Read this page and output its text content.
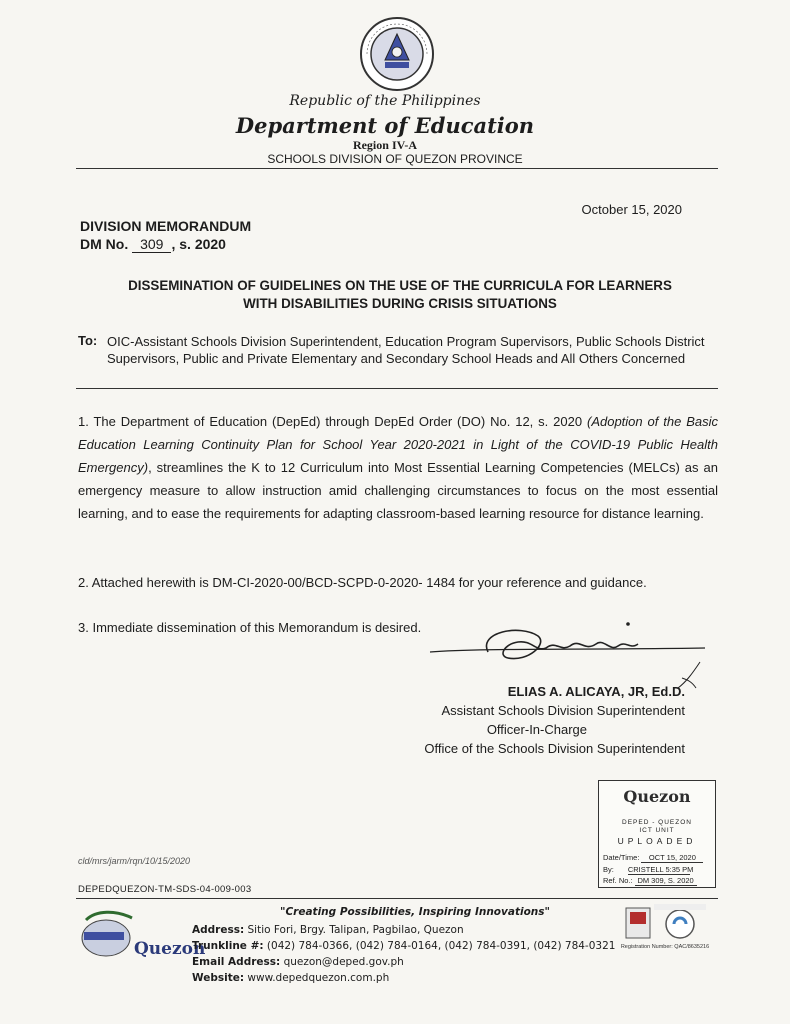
Republic of the Philippines
Department of Education
Region IV-A
SCHOOLS DIVISION OF QUEZON PROVINCE
October 15, 2020
DIVISION MEMORANDUM
DM No. 309 , s. 2020
DISSEMINATION OF GUIDELINES ON THE USE OF THE CURRICULA FOR LEARNERS
WITH DISABILITIES DURING CRISIS SITUATIONS
To: OIC-Assistant Schools Division Superintendent, Education Program Supervisors, Public Schools District Supervisors, Public and Private Elementary and Secondary School Heads and All Others Concerned
1. The Department of Education (DepEd) through DepEd Order (DO) No. 12, s. 2020 (Adoption of the Basic Education Learning Continuity Plan for School Year 2020-2021 in Light of the COVID-19 Public Health Emergency), streamlines the K to 12 Curriculum into Most Essential Learning Competencies (MELCs) as an emergency measure to allow instruction amid challenging circumstances to focus on the most essential learning, and to ease the requirements for adapting classroom-based learning resource for distance learning.
2. Attached herewith is DM-CI-2020-00/BCD-SCPD-0-2020- 1484 for your reference and guidance.
3. Immediate dissemination of this Memorandum is desired.
ELIAS A. ALICAYA, JR, Ed.D.
Assistant Schools Division Superintendent
Officer-In-Charge
Office of the Schools Division Superintendent
Quezon
DEPED - QUEZON
ICT UNIT
UPLOADED
Date/Time: OCT 15, 2020
By: CRISTELL 5:35 PM
Ref. No.: DM 309, S. 2020
cld/mrs/jarm/rqn/10/15/2020
DEPEDQUEZON-TM-SDS-04-009-003
Quezon
"Creating Possibilities, Inspiring Innovations"
Address: Sitio Fori, Brgy. Talipan, Pagbilao, Quezon
Trunkline #: (042) 784-0366, (042) 784-0164, (042) 784-0391, (042) 784-0321
Email Address: quezon@deped.gov.ph
Website: www.depedquezon.com.ph
Registration Number: QAC/8635216
